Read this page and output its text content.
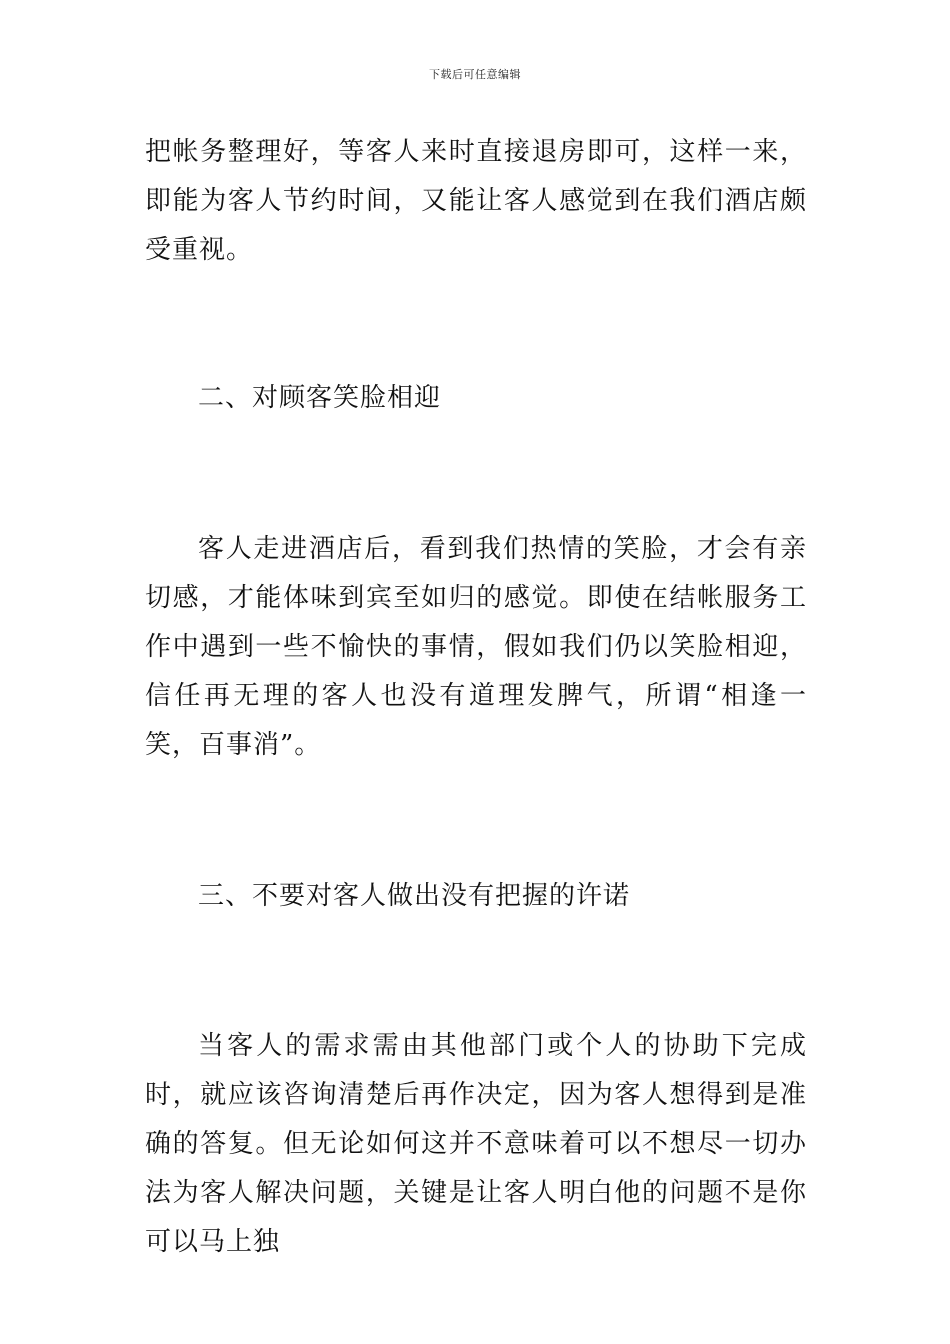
下载后可任意编辑

把帐务整理好，等客人来时直接退房即可，这样一来，即能为客人节约时间，又能让客人感觉到在我们酒店颇受重视。

二、对顾客笑脸相迎

客人走进酒店后，看到我们热情的笑脸，才会有亲切感，才能体味到宾至如归的感觉。即使在结帐服务工作中遇到一些不愉快的事情，假如我们仍以笑脸相迎，信任再无理的客人也没有道理发脾气，所谓“相逢一笑，百事消”。

三、不要对客人做出没有把握的许诺

当客人的需求需由其他部门或个人的协助下完成时，就应该咨询清楚后再作决定，因为客人想得到是准确的答复。但无论如何这并不意味着可以不想尽一切办法为客人解决问题，关键是让客人明白他的问题不是你可以马上独
